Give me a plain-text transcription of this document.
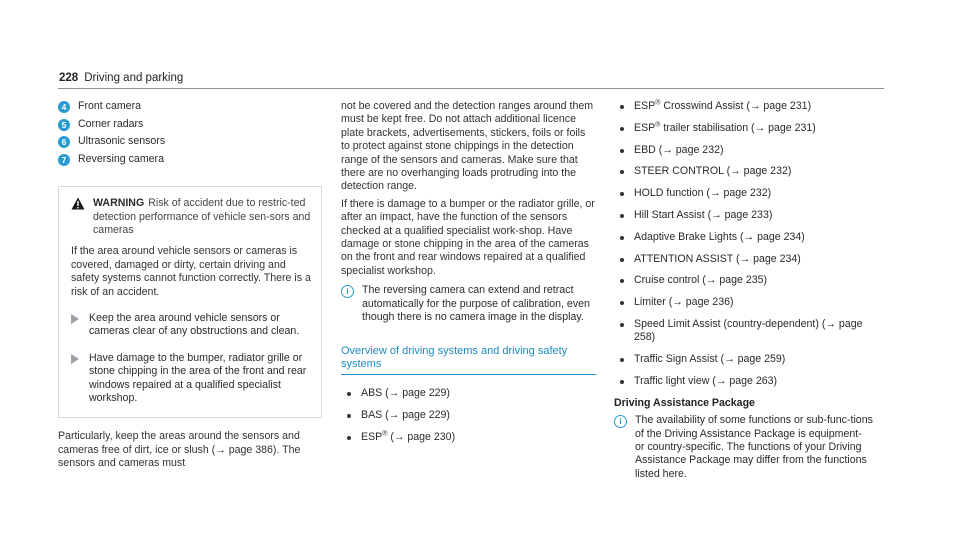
228 Driving and parking
4	Front camera
5	Corner radars
6	Ultrasonic sensors
7	Reversing camera
WARNING Risk of accident due to restric-ted detection performance of vehicle sen-sors and cameras

If the area around vehicle sensors or cameras is covered, damaged or dirty, certain driving and safety systems cannot function correctly. There is a risk of an accident.

Keep the area around vehicle sensors or cameras clear of any obstructions and clean.
Have damage to the bumper, radiator grille or stone chipping in the area of the front and rear windows repaired at a qualified specialist workshop.

Particularly, keep the areas around the sensors and cameras free of dirt, ice or slush (→ page 386). The sensors and cameras must

not be covered and the detection ranges around them must be kept free. Do not attach additional licence plate brackets, advertisements, stickers, foils or foils to protect against stone chippings in the detection range of the sensors and cameras. Make sure that there are no overhanging loads protruding into the detection range.

If there is damage to a bumper or the radiator grille, or after an impact, have the function of the sensors checked at a qualified specialist work-shop. Have damage or stone chipping in the area of the cameras on the front and rear windows repaired at a qualified specialist workshop.

i	The reversing camera can extend and retract automatically for the purpose of calibration, even though there is no camera image in the display.
Overview of driving systems and driving safety systems
ABS (→ page 229)
BAS (→ page 229)
ESP® (→ page 230)
ESP® Crosswind Assist (→ page 231)
ESP® trailer stabilisation (→ page 231)
EBD (→ page 232)
STEER CONTROL (→ page 232)
HOLD function (→ page 232)
Hill Start Assist (→ page 233)
Adaptive Brake Lights (→ page 234)
ATTENTION ASSIST (→ page 234)
Cruise control (→ page 235)
Limiter (→ page 236)
Speed Limit Assist (country-dependent) (→ page 258)
Traffic Sign Assist (→ page 259)
Traffic light view (→ page 263)
Driving Assistance Package
i	The availability of some functions or sub-func-tions of the Driving Assistance Package is equipment- or country-specific. The functions of your Driving Assistance Package may differ from the functions listed here.
